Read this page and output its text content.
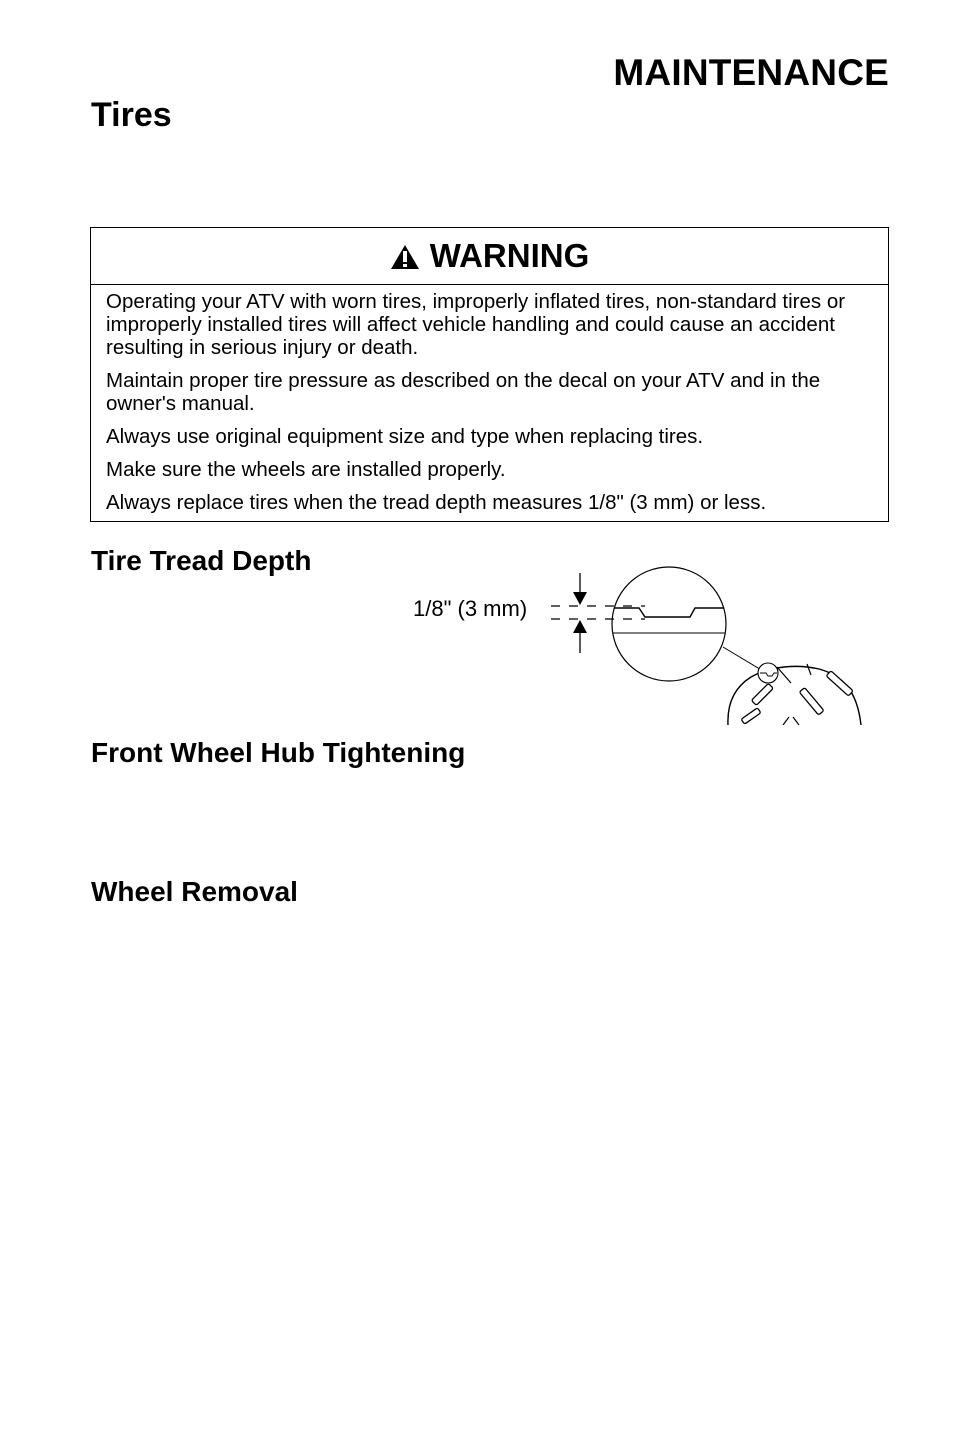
MAINTENANCE
Tires
WARNING

Operating your ATV with worn tires, improperly inflated tires, non-standard tires or improperly installed tires will affect vehicle handling and could cause an accident resulting in serious injury or death.

Maintain proper tire pressure as described on the decal on your ATV and in the owner's manual.

Always use original equipment size and type when replacing tires.

Make sure the wheels are installed properly.

Always replace tires when the tread depth measures 1/8" (3 mm) or less.

Tire Tread Depth
1/8" (3 mm)
Front Wheel Hub Tightening
Wheel Removal
